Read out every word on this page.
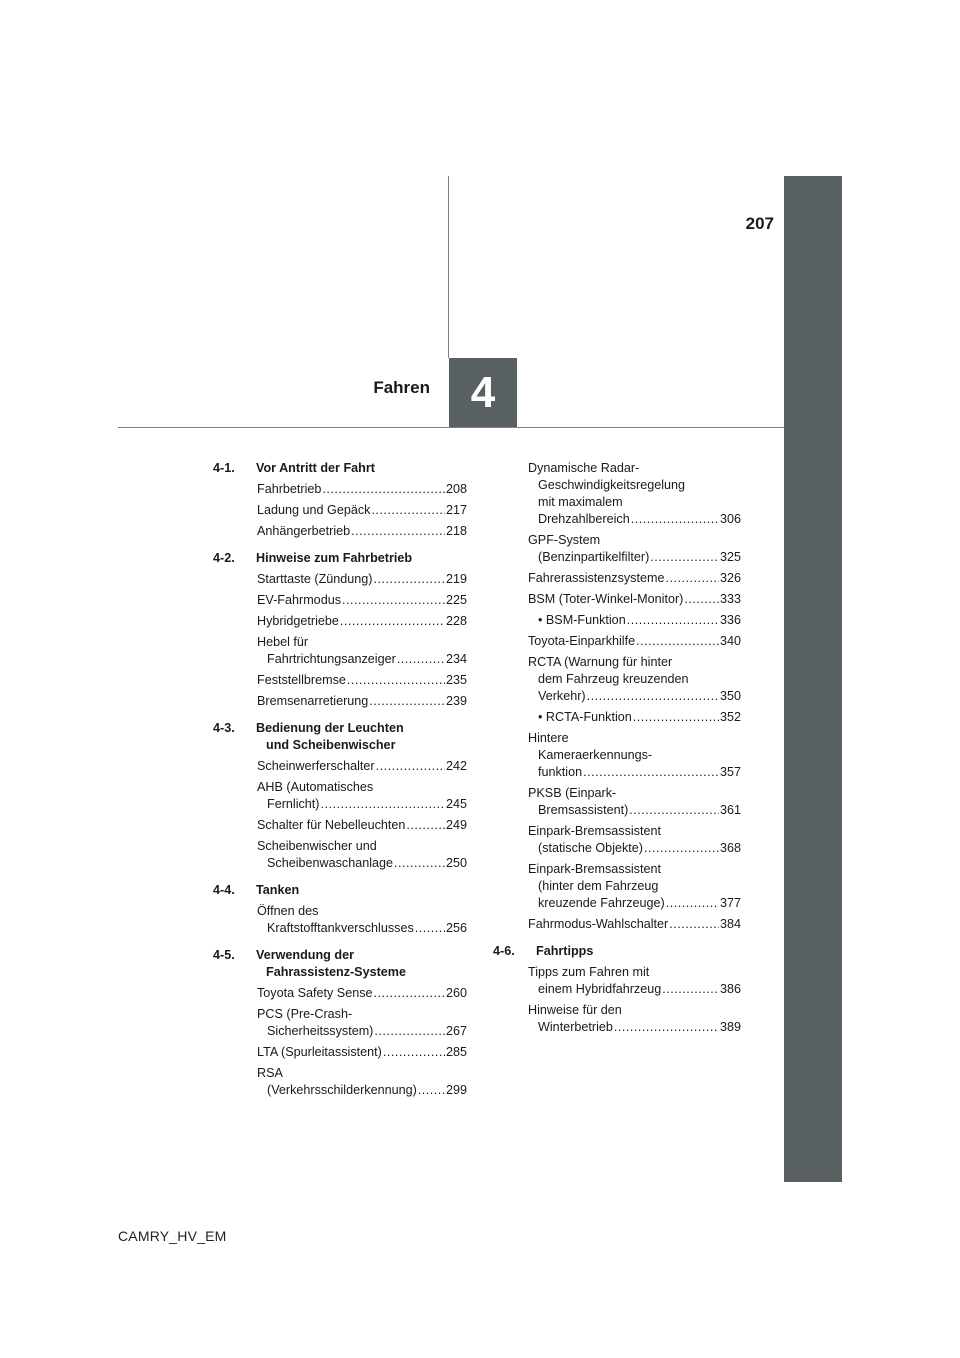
207
Fahren 4
4-1. Vor Antritt der Fahrt
Fahrbetrieb .....	208
Ladung und Gepäck .....	217
Anhängerbetrieb .....	218
4-2. Hinweise zum Fahrbetrieb
Starttaste (Zündung) .....	219
EV-Fahrmodus .....	225
Hybridgetriebe .....	228
Hebel für
Fahrtrichtungsanzeiger .....	234
Feststellbremse .....	235
Bremsenarretierung .....	239
4-3. Bedienung der Leuchten
und Scheibenwischer
Scheinwerferschalter .....	242
AHB (Automatisches
Fernlicht) .....	245
Schalter für Nebelleuchten .....	249
Scheibenwischer und
Scheibenwaschanlage .....	250
4-4. Tanken
Öffnen des
Kraftstofftankverschlusses .....	256
4-5. Verwendung der
Fahrassistenz-Systeme
Toyota Safety Sense .....	260
PCS (Pre-Crash-
Sicherheitssystem) .....	267
LTA (Spurleitassistent) .....	285
RSA
(Verkehrsschilderkennung) ..... 299
Dynamische Radar-
Geschwindigkeitsregelung
mit maximalem
Drehzahlbereich .....	306
GPF-System
(Benzinpartikelfilter) .....	325
Fahrerassistenzsysteme .....	326
BSM (Toter-Winkel-Monitor) .....	333
• BSM-Funktion .....	336
Toyota-Einparkhilfe .....	340
RCTA (Warnung für hinter
dem Fahrzeug kreuzenden
Verkehr) .....	350
• RCTA-Funktion .....	352
Hintere
Kameraerkennungs-
funktion .....	357
PKSB (Einpark-
Bremsassistent) .....	361
Einpark-Bremsassistent
(statische Objekte) .....	368
Einpark-Bremsassistent
(hinter dem Fahrzeug
kreuzende Fahrzeuge) .....	377
Fahrmodus-Wahlschalter .....	384
4-6. Fahrtipps
Tipps zum Fahren mit
einem Hybridfahrzeug .....	386
Hinweise für den
Winterbetrieb .....	389
CAMRY_HV_EM
